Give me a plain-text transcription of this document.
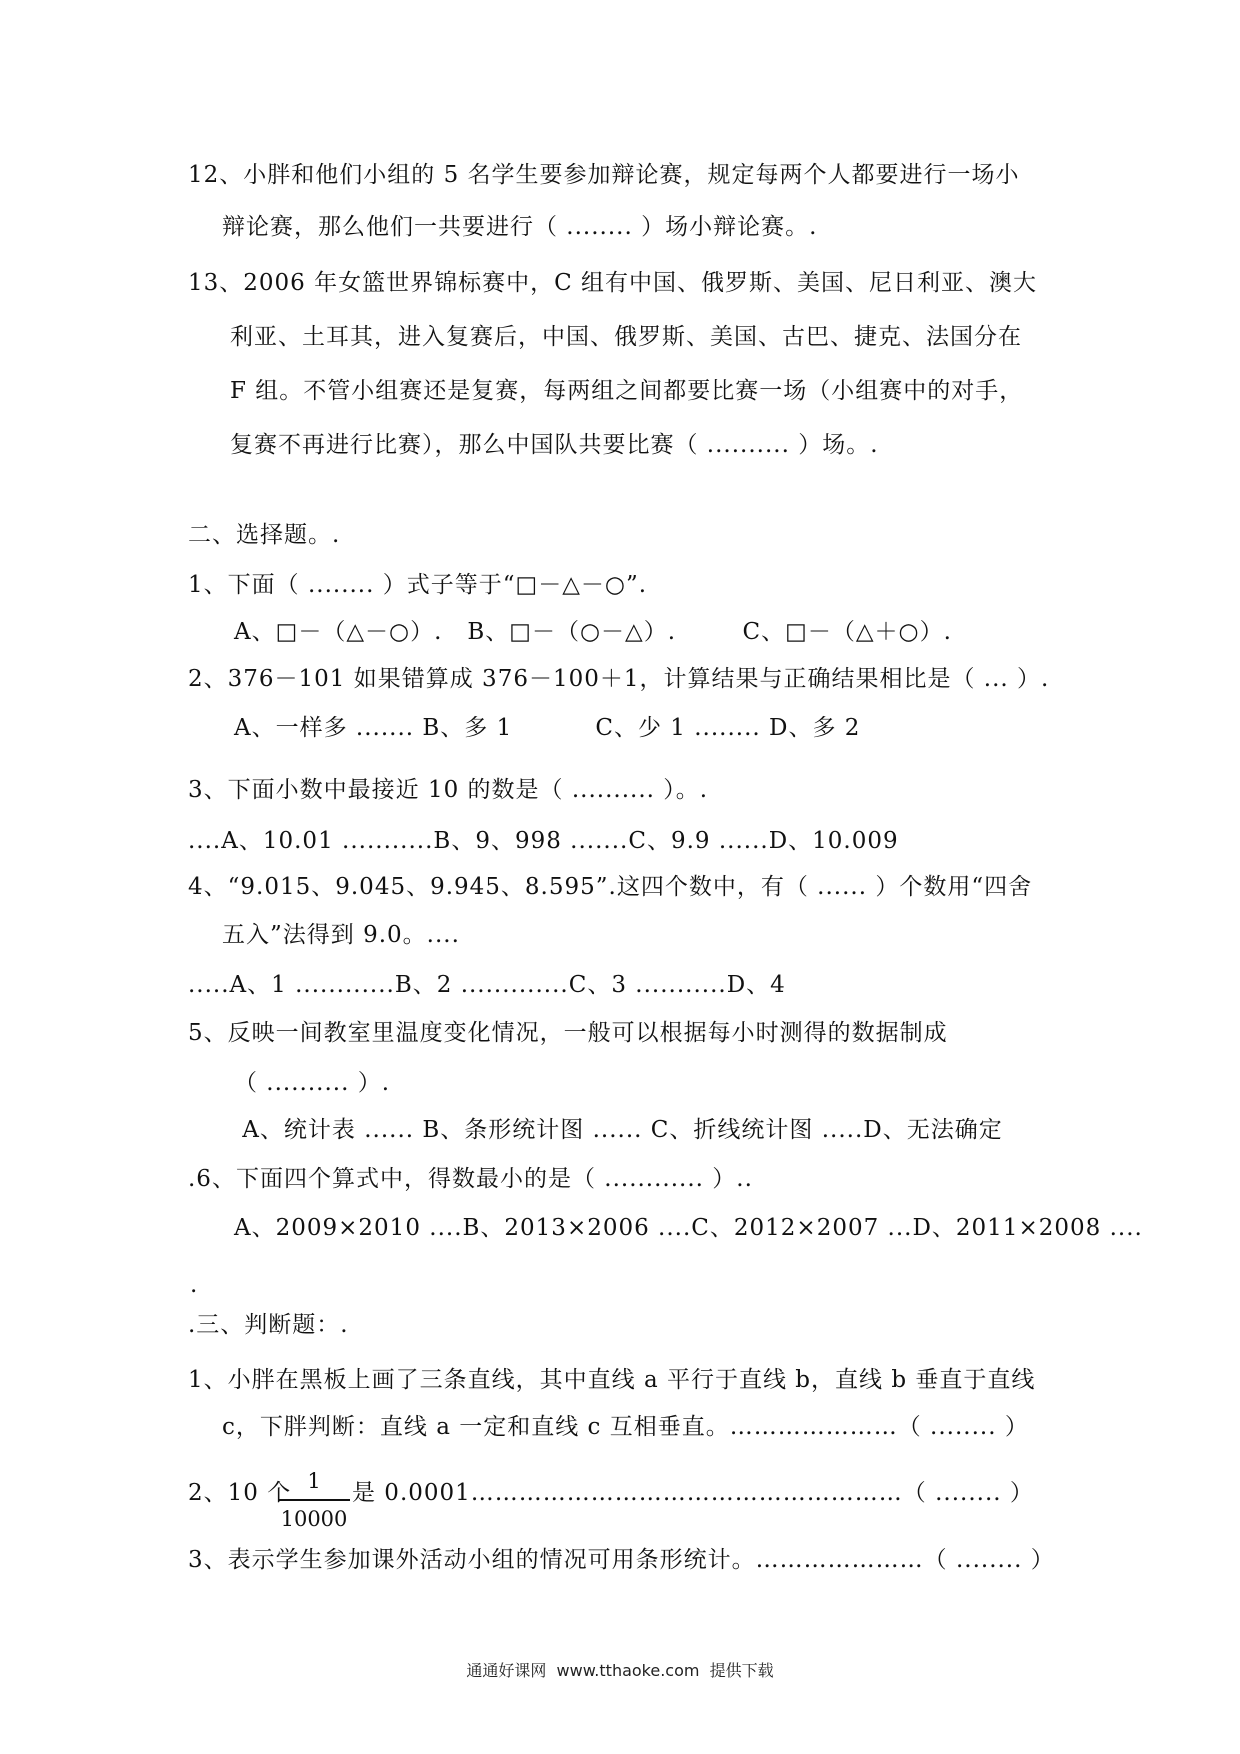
12、小胖和他们小组的 5 名学生要参加辩论赛，规定每两个人都要进行一场小
辩论赛，那么他们一共要进行（ ........ ）场小辩论赛。.
13、2006 年女篮世界锦标赛中，C 组有中国、俄罗斯、美国、尼日利亚、澳大
利亚、土耳其，进入复赛后，中国、俄罗斯、美国、古巴、捷克、法国分在
F 组。不管小组赛还是复赛，每两组之间都要比赛一场（小组赛中的对手，
复赛不再进行比赛），那么中国队共要比赛（ .......... ）场。.
二、选择题。.
1、下面（ ........ ）式子等于“□－△－○”.
A、□－（△－○）.   B、□－（○－△）.        C、□－（△＋○）.
2、376－101 如果错算成 376－100＋1，计算结果与正确结果相比是（ ... ）.
A、一样多 ....... B、多 1          C、少 1 ........ D、多 2
3、下面小数中最接近 10 的数是（ .......... ）。.
....A、10.01 ...........B、9、998 .......C、9.9 ......D、10.009
4、“9.015、9.045、9.945、8.595”.这四个数中，有（ ...... ）个数用“四舍
五入”法得到 9.0。....
.....A、1 ............B、2 .............C、3 ...........D、4
5、反映一间教室里温度变化情况，一般可以根据每小时测得的数据制成
（ .......... ）.
A、统计表 ...... B、条形统计图 ...... C、折线统计图 .....D、无法确定
.6、下面四个算式中，得数最小的是（ ............ ）..
A、2009×2010 ....B、2013×2006 ....C、2012×2007 ...D、2011×2008 ....
.
.三、判断题：.
1、小胖在黑板上画了三条直线，其中直线 a 平行于直线 b，直线 b 垂直于直线
c，下胖判断：直线 a 一定和直线 c 互相垂直。…………………（ ........ ）
2、10 个 1
10000
是 0.0001………………………………………………（ ........ ）
3、表示学生参加课外活动小组的情况可用条形统计。…………………（ ........ ）
通通好课网  www.tthaoke.com  提供下载
